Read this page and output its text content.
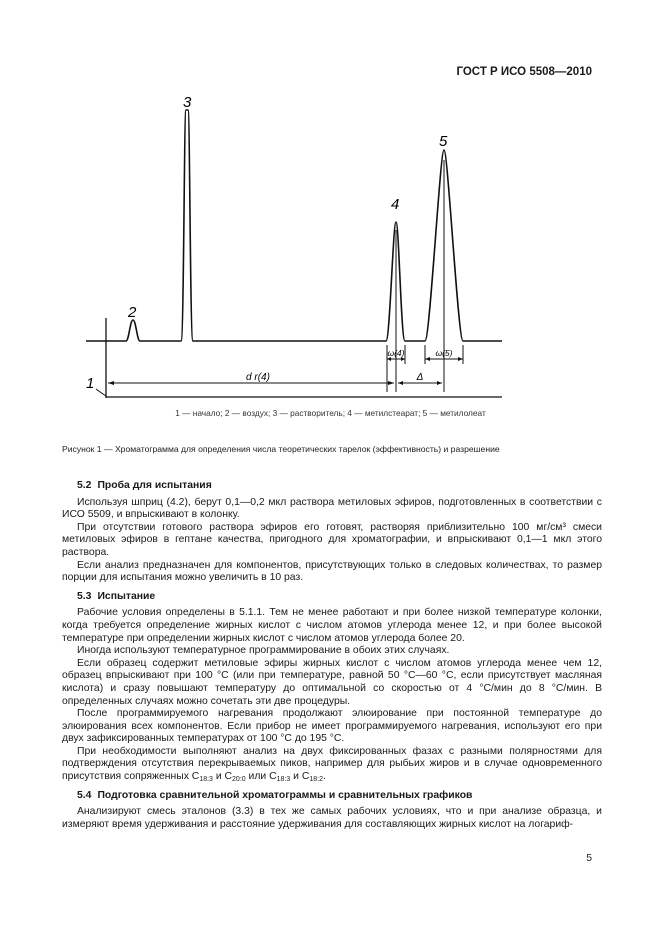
ГОСТ Р ИСО 5508—2010
d r(4)
ω(4)	ω(5)
Δ
1
2
3
4
5
1 — начало; 2 — воздух; 3 — растворитель; 4 — метилстеарат; 5 — метилолеат
Рисунок 1 — Хроматограмма для определения числа теоретических тарелок (эффективность) и разрешение
5.2 Проба для испытания

Используя шприц (4.2), берут 0,1—0,2 мкл раствора метиловых эфиров, подготовленных в соответствии с ИСО 5509, и впрыскивают в колонку.

При отсутствии готового раствора эфиров его готовят, растворяя приблизительно 100 мг/см³ смеси метиловых эфиров в гептане качества, пригодного для хроматографии, и впрыскивают 0,1—1 мкл этого раствора.

Если анализ предназначен для компонентов, присутствующих только в следовых количествах, то размер порции для испытания можно увеличить в 10 раз.

5.3 Испытание

Рабочие условия определены в 5.1.1. Тем не менее работают и при более низкой температуре колонки, когда требуется определение жирных кислот с числом атомов углерода менее 12, и при более высокой температуре при определении жирных кислот с числом атомов углерода более 20.

Иногда используют температурное программирование в обоих этих случаях.

Если образец содержит метиловые эфиры жирных кислот с числом атомов углерода менее чем 12, образец впрыскивают при 100 °С (или при температуре, равной 50 °С—60 °С, если присутствует масляная кислота) и сразу повышают температуру до оптимальной со скоростью от 4 °С/мин до 8 °С/мин. В определенных случаях можно сочетать эти две процедуры.

После программируемого нагревания продолжают элюирование при постоянной температуре до элюирования всех компонентов. Если прибор не имеет программируемого нагревания, используют его при двух зафиксированных температурах от 100 °С до 195 °С.

При необходимости выполняют анализ на двух фиксированных фазах с разными полярностями для подтверждения отсутствия перекрываемых пиков, например для рыбьих жиров и в случае одновременного присутствия сопряженных $С_{18:3}$ и $С_{20:0}$ или $С_{18:3}$ и $С_{18:2}$.

5.4 Подготовка сравнительной хроматограммы и сравнительных графиков

Анализируют смесь эталонов (3.3) в тех же самых рабочих условиях, что и при анализе образца, и измеряют время удерживания и расстояние удерживания для составляющих жирных кислот на логариф-

5
